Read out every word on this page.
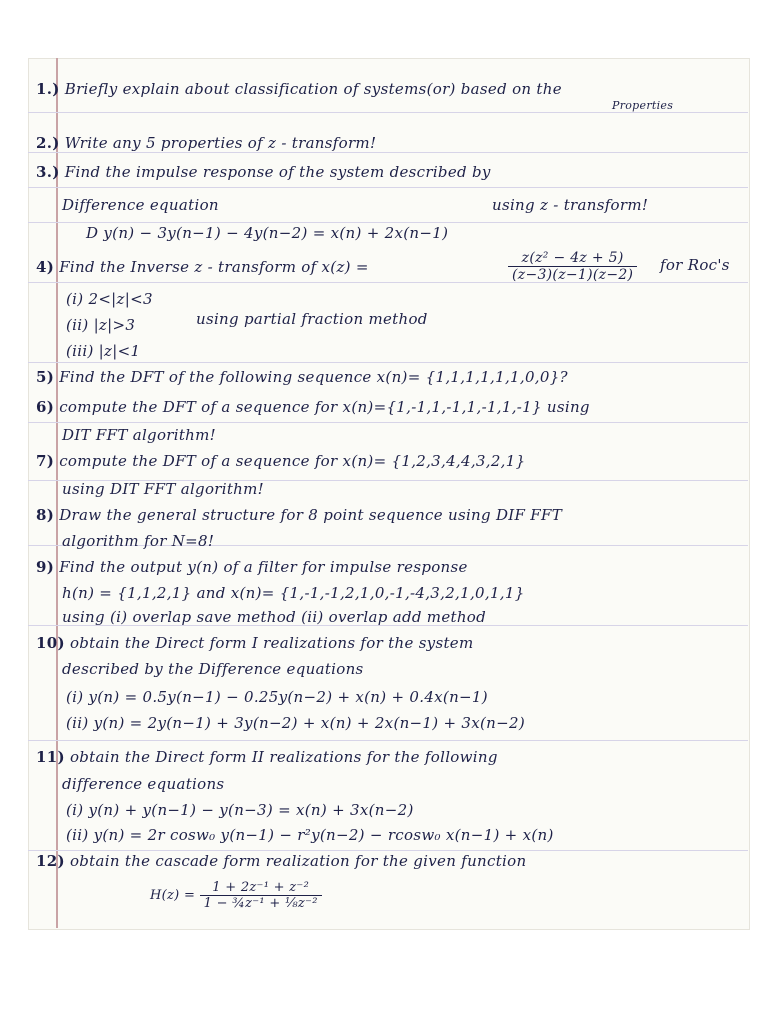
1.) Briefly explain about classification of systems(or) based on the
Properties
2.) Write any 5 properties of z - transform!
3.) Find the impulse response of the system described by
Difference equation	using z - transform!
D y(n) − 3y(n−1) − 4y(n−2) = x(n) + 2x(n−1)
4) Find the Inverse z - transform of x(z) =	$\frac{\text{z(z² − 4z + 5)}}{(z-3)(z-1)(z-2)}$ for Roc's
(i) 2<|z|<3
(ii) |z|>3	using partial fraction method
(iii) |z|<1
5) Find the DFT of the following sequence x(n)= {1,1,1,1,1,1,0,0}?
6) compute the DFT of a sequence for x(n)={1,-1,1,-1,1,-1,1,-1} using
DIT FFT algorithm!
7) compute the DFT of a sequence for x(n)= {1,2,3,4,4,3,2,1}
using DIT FFT algorithm!
8) Draw the general structure for 8 point sequence using DIF FFT
algorithm for N=8!
9) Find the output y(n) of a filter for impulse response
h(n) = {1,1,2,1} and x(n)= {1,-1,-1,2,1,0,-1,-4,3,2,1,0,1,1}
using (i) overlap save method (ii) overlap add method
10) obtain the Direct form I realizations for the system
described by the Difference equations
(i) y(n) = 0.5y(n−1) − 0.25y(n−2) + x(n) + 0.4x(n−1)
(ii) y(n) = 2y(n−1) + 3y(n−2) + x(n) + 2x(n−1) + 3x(n−2)
11) obtain the Direct form II realizations for the following
difference equations
(i) y(n) + y(n−1) − y(n−3) = x(n) + 3x(n−2)
(ii) y(n) = 2r cosw₀ y(n−1) − r²y(n−2) − rcosw₀ x(n−1) + x(n)
12) obtain the cascade form realization for the given function
$H(z) = \frac{\text{1 + 2z⁻¹ + z⁻²}}{\text{1 − ¾z⁻¹ + ⅛z⁻²}}$
